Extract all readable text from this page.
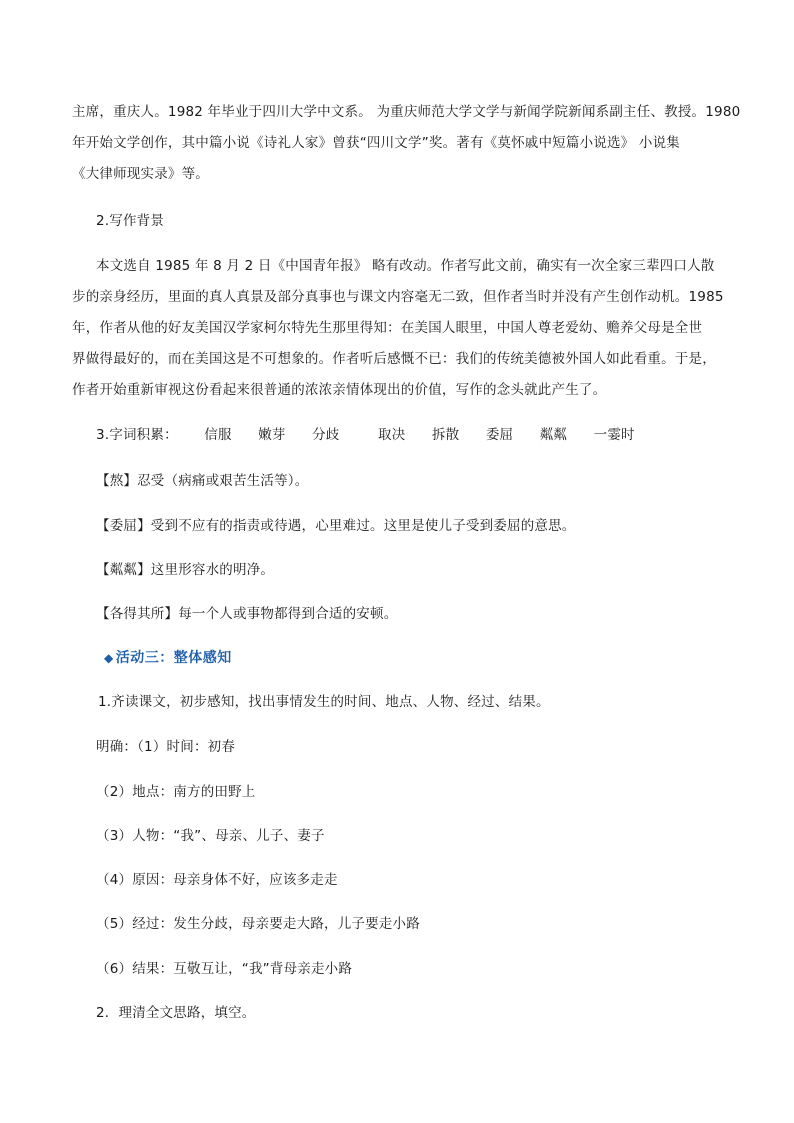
主席，重庆人。1982 年毕业于四川大学中文系。 为重庆师范大学文学与新闻学院新闻系副主任、教授。1980
年开始文学创作，其中篇小说《诗礼人家》曾获“四川文学”奖。著有《莫怀戚中短篇小说选》 小说集
《大律师现实录》等。
2.写作背景
本文选自 1985 年 8 月 2 日《中国青年报》 略有改动。作者写此文前，确实有一次全家三辈四口人散
步的亲身经历，里面的真人真景及部分真事也与课文内容毫无二致，但作者当时并没有产生创作动机。1985
年，作者从他的好友美国汉学家柯尔特先生那里得知：在美国人眼里，中国人尊老爱幼、赡养父母是全世
界做得最好的，而在美国这是不可想象的。作者听后感慨不已：我们的传统美德被外国人如此看重。于是，
作者开始重新审视这份看起来很普通的浓浓亲情体现出的价值，写作的念头就此产生了。
3.字词积累： 信服 嫩芽 分歧	取决 拆散 委屈 粼粼 一霎时
【熬】忍受（病痛或艰苦生活等）。
【委屈】受到不应有的指责或待遇，心里难过。这里是使儿子受到委屈的意思。
【粼粼】这里形容水的明净。
【各得其所】每一个人或事物都得到合适的安顿。
◆ 活动三：整体感知
1.齐读课文，初步感知，找出事情发生的时间、地点、人物、经过、结果。
明确：（1）时间：初春
（2）地点：南方的田野上
（3）人物：“我”、母亲、儿子、妻子
（4）原因：母亲身体不好，应该多走走
（5）经过：发生分歧，母亲要走大路，儿子要走小路
（6）结果：互敬互让，“我”背母亲走小路
2．理清全文思路，填空。
